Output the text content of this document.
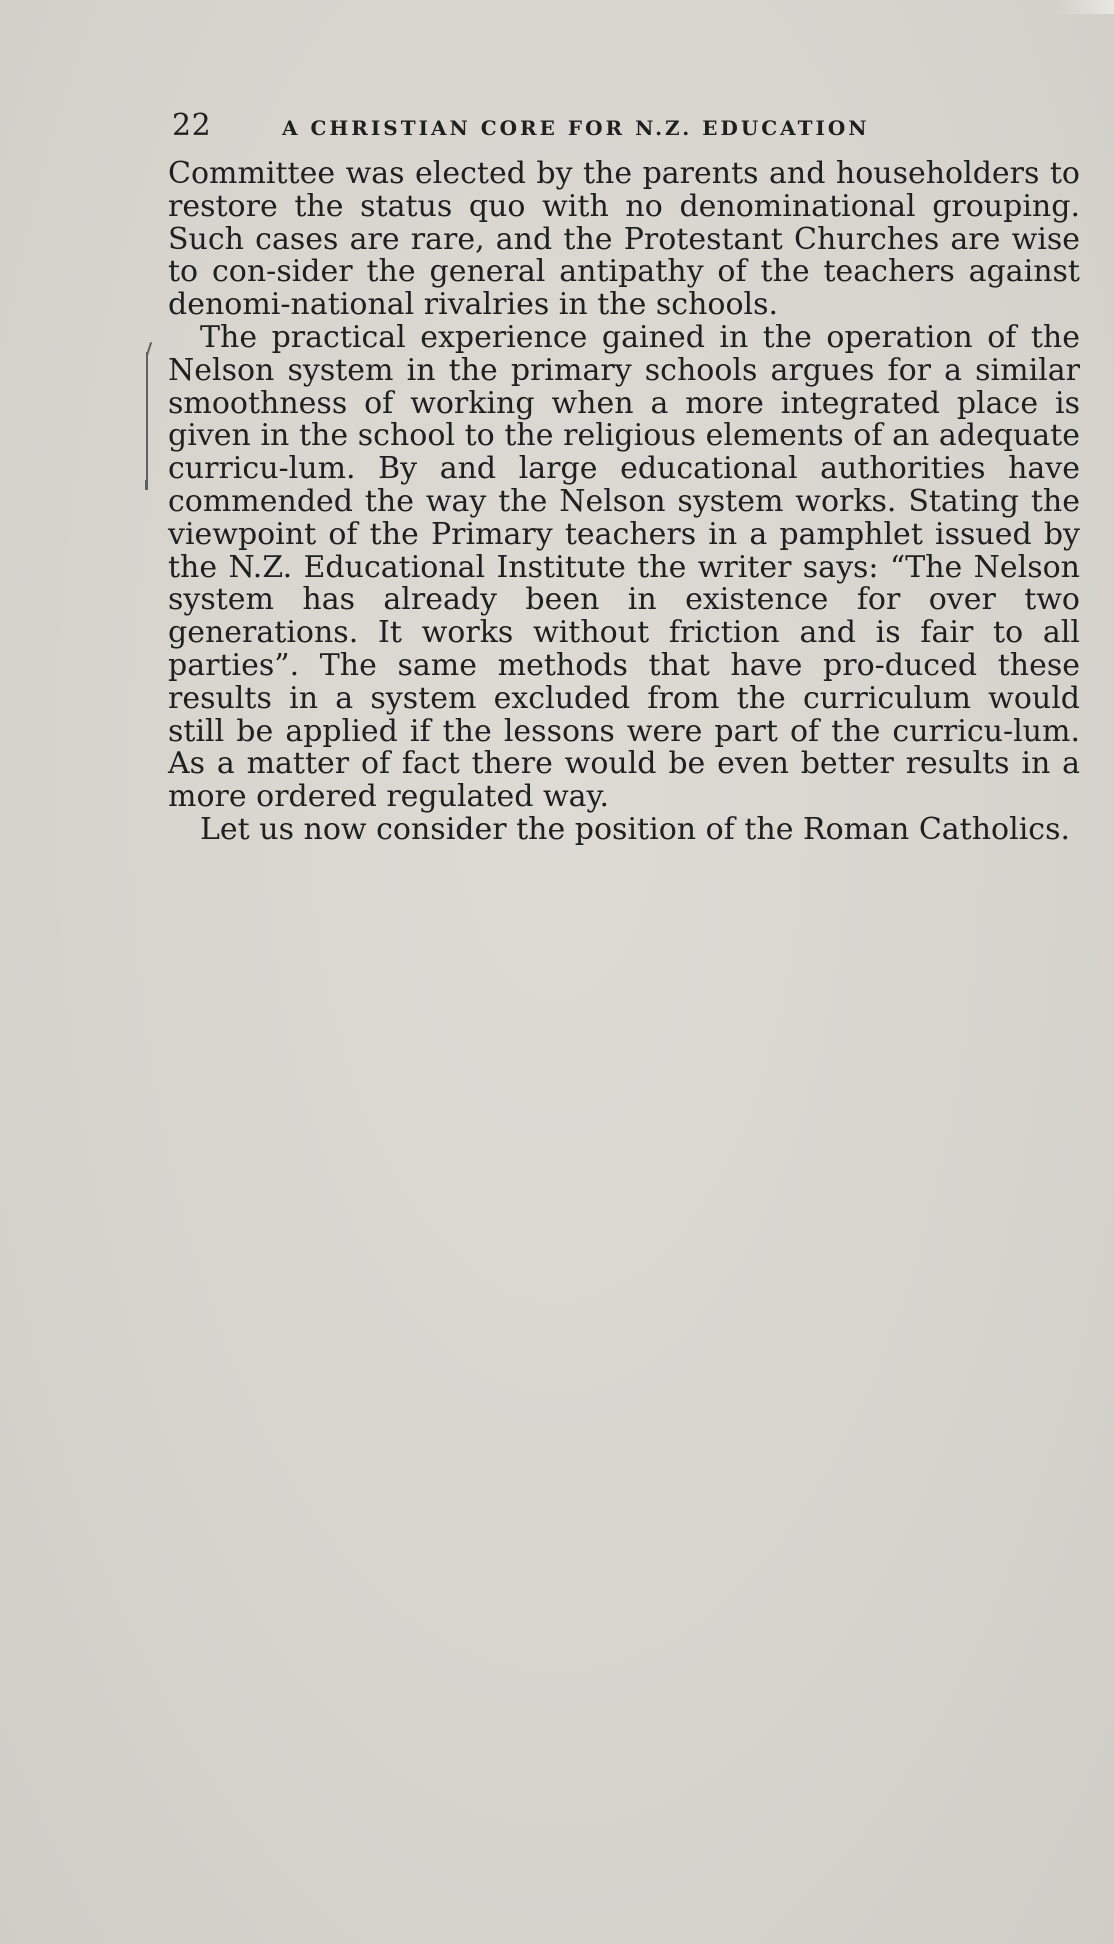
22	A CHRISTIAN CORE FOR N.Z. EDUCATION

Committee was elected by the parents and householders to restore the status quo with no denominational grouping. Such cases are rare, and the Protestant Churches are wise to con-sider the general antipathy of the teachers against denomi-national rivalries in the schools.

The practical experience gained in the operation of the Nelson system in the primary schools argues for a similar smoothness of working when a more integrated place is given in the school to the religious elements of an adequate curricu-lum. By and large educational authorities have commended the way the Nelson system works. Stating the viewpoint of the Primary teachers in a pamphlet issued by the N.Z. Educational Institute the writer says: “The Nelson system has already been in existence for over two generations. It works without friction and is fair to all parties”. The same methods that have pro-duced these results in a system excluded from the curriculum would still be applied if the lessons were part of the curricu-lum. As a matter of fact there would be even better results in a more ordered regulated way.

Let us now consider the position of the Roman Catholics.
